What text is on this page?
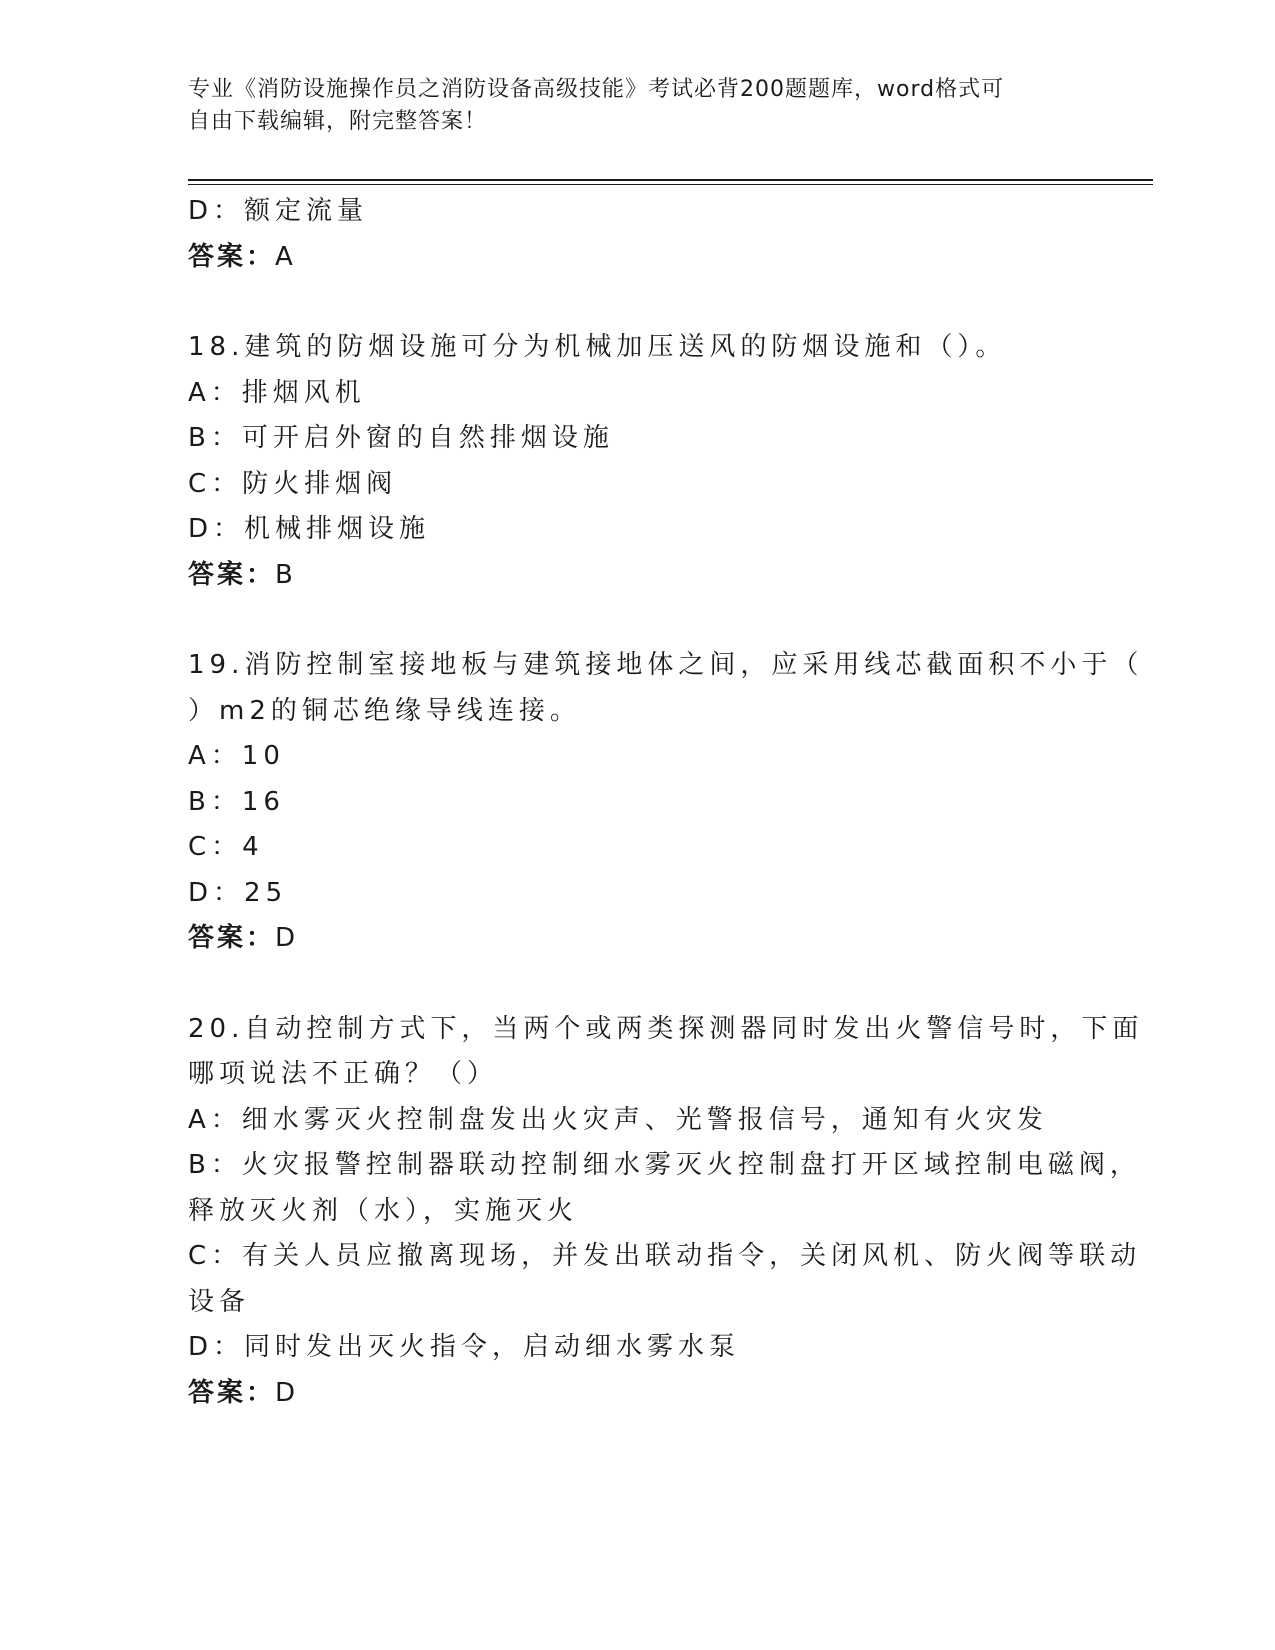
专业《消防设施操作员之消防设备高级技能》考试必背200题题库，word格式可
自由下载编辑，附完整答案！
D：额定流量
答案：A
18.建筑的防烟设施可分为机械加压送风的防烟设施和（）。
A：排烟风机
B：可开启外窗的自然排烟设施
C：防火排烟阀
D：机械排烟设施
答案：B
19.消防控制室接地板与建筑接地体之间，应采用线芯截面积不小于（
）m2的铜芯绝缘导线连接。
A：10
B：16
C：4
D：25
答案：D
20.自动控制方式下，当两个或两类探测器同时发出火警信号时，下面
哪项说法不正确？（）
A：细水雾灭火控制盘发出火灾声、光警报信号，通知有火灾发
B：火灾报警控制器联动控制细水雾灭火控制盘打开区域控制电磁阀，
释放灭火剂（水），实施灭火
C：有关人员应撤离现场，并发出联动指令，关闭风机、防火阀等联动
设备
D：同时发出灭火指令，启动细水雾水泵
答案：D
